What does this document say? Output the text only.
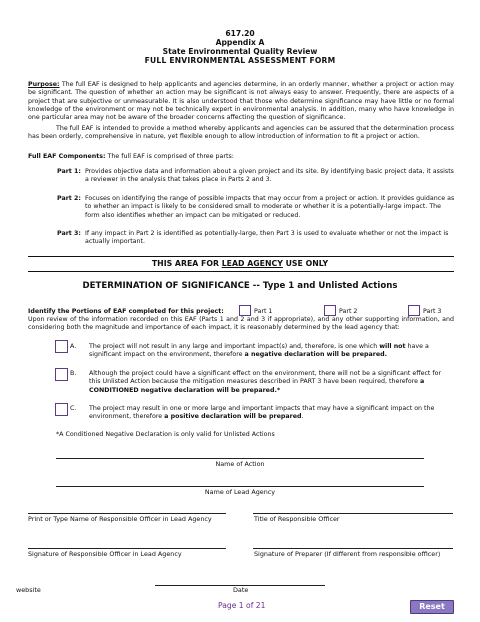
617.20
Appendix A
State Environmental Quality Review
FULL ENVIRONMENTAL ASSESSMENT FORM
Purpose: The full EAF is designed to help applicants and agencies determine, in an orderly manner, whether a project or action may be significant. The question of whether an action may be significant is not always easy to answer. Frequently, there are aspects of a project that are subjective or unmeasurable. It is also understood that those who determine significance may have little or no formal knowledge of the environment or may not be technically expert in environmental analysis. In addition, many who have knowledge in one particular area may not be aware of the broader concerns affecting the question of significance.
The full EAF is intended to provide a method whereby applicants and agencies can be assured that the determination process has been orderly, comprehensive in nature, yet flexible enough to allow introduction of information to fit a project or action.
Full EAF Components: The full EAF is comprised of three parts:
Part 1: Provides objective data and information about a given project and its site. By identifying basic project data, it assists a reviewer in the analysis that takes place in Parts 2 and 3.
Part 2: Focuses on identifying the range of possible impacts that may occur from a project or action. It provides guidance as to whether an impact is likely to be considered small to moderate or whether it is a potentially-large impact. The form also identifies whether an impact can be mitigated or reduced.
Part 3: If any impact in Part 2 is identified as potentially-large, then Part 3 is used to evaluate whether or not the impact is actually important.
THIS AREA FOR LEAD AGENCY USE ONLY
DETERMINATION OF SIGNIFICANCE -- Type 1 and Unlisted Actions
Identify the Portions of EAF completed for this project:	Part 1	Part 2	Part 3
Upon review of the information recorded on this EAF (Parts 1 and 2 and 3 if appropriate), and any other supporting information, and considering both the magnitude and importance of each impact, it is reasonably determined by the lead agency that:
A. The project will not result in any large and important impact(s) and, therefore, is one which will not have a significant impact on the environment, therefore a negative declaration will be prepared.
B. Although the project could have a significant effect on the environment, there will not be a significant effect for this Unlisted Action because the mitigation measures described in PART 3 have been required, therefore a CONDITIONED negative declaration will be prepared.*
C. The project may result in one or more large and important impacts that may have a significant impact on the environment, therefore a positive declaration will be prepared.
*A Conditioned Negative Declaration is only valid for Unlisted Actions
Name of Action
Name of Lead Agency
Print or Type Name of Responsible Officer in Lead Agency	Title of Responsible Officer
Signature of Responsible Officer in Lead Agency	Signature of Preparer (If different from responsible officer)
website	Date
Page 1 of 21	Reset
